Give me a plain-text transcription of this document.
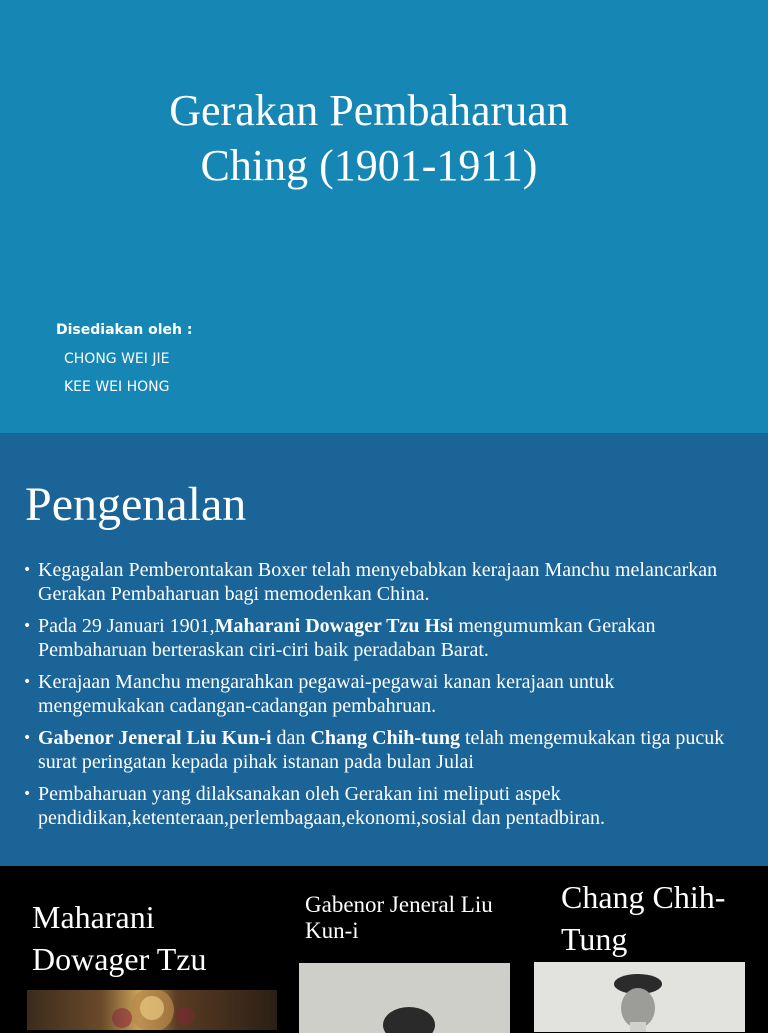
Gerakan Pembaharuan
Ching (1901-1911)
Disediakan oleh :
CHONG WEI JIE
KEE WEI HONG
Pengenalan
• Kegagalan Pemberontakan Boxer telah menyebabkan kerajaan Manchu melancarkan Gerakan Pembaharuan bagi memodenkan China.
• Pada 29 Januari 1901,Maharani Dowager Tzu Hsi mengumumkan Gerakan Pembaharuan berteraskan ciri-ciri baik peradaban Barat.
• Kerajaan Manchu mengarahkan pegawai-pegawai kanan kerajaan untuk mengemukakan cadangan-cadangan pembahruan.
• Gabenor Jeneral Liu Kun-i dan Chang Chih-tung telah mengemukakan tiga pucuk surat peringatan kepada pihak istanan pada bulan Julai
• Pembaharuan yang dilaksanakan oleh Gerakan ini meliputi aspek pendidikan,ketenteraan,perlembagaan,ekonomi,sosial dan pentadbiran.
Maharani Dowager Tzu
Gabenor Jeneral Liu Kun-i
Chang Chih-Tung
